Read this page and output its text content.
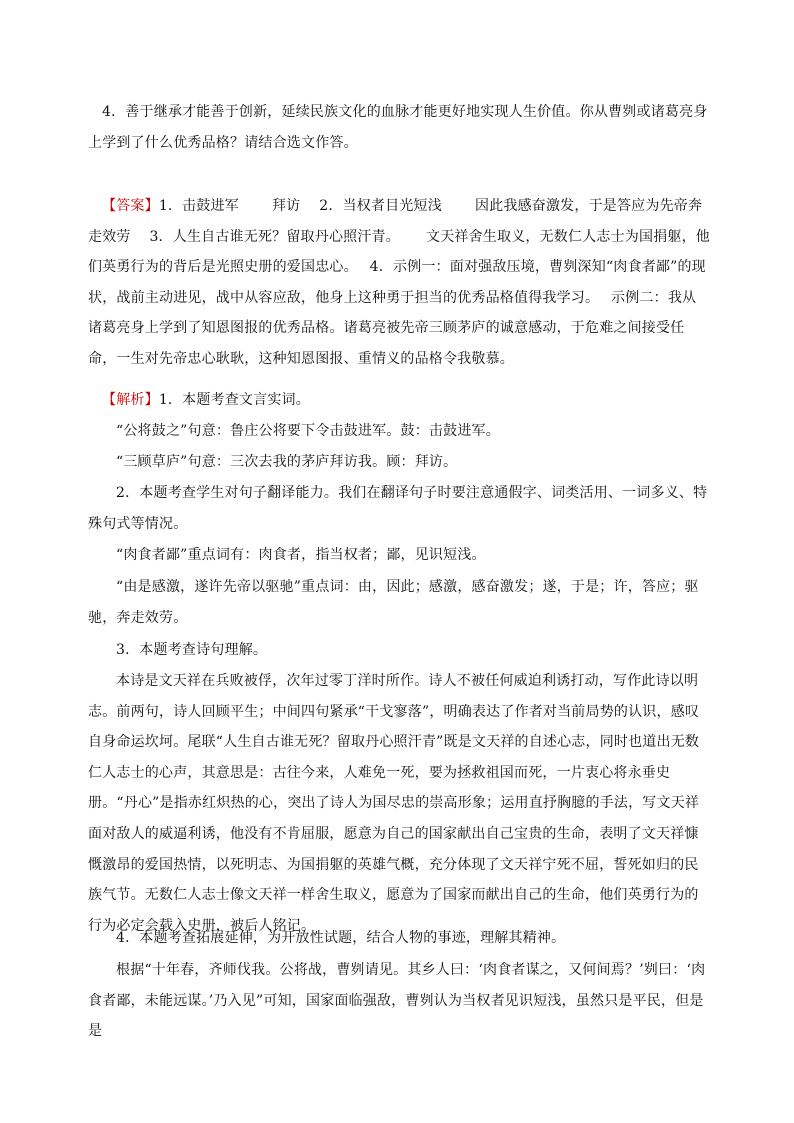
4．善于继承才能善于创新，延续民族文化的血脉才能更好地实现人生价值。你从曹刿或诸葛亮身上学到了什么优秀品格？请结合选文作答。
【答案】1．击鼓进军　　 拜访　 2．当权者目光短浅　　 因此我感奋激发，于是答应为先帝奔走效劳　 3．人生自古谁无死？留取丹心照汗青。　　 文天祥舍生取义，无数仁人志士为国捐躯，他们英勇行为的背后是光照史册的爱国忠心。　 4．示例一：面对强敌压境，曹刿深知“肉食者鄙”的现状，战前主动进见，战中从容应敌，他身上这种勇于担当的优秀品格值得我学习。　 示例二：我从诸葛亮身上学到了知恩图报的优秀品格。诸葛亮被先帝三顾茅庐的诚意感动，于危难之间接受任命，一生对先帝忠心耿耿，这种知恩图报、重情义的品格令我敬慕。
【解析】1．本题考查文言实词。
“公将鼓之”句意：鲁庄公将要下令击鼓进军。鼓：击鼓进军。
“三顾草庐”句意：三次去我的茅庐拜访我。顾：拜访。
2．本题考查学生对句子翻译能力。我们在翻译句子时要注意通假字、词类活用、一词多义、特殊句式等情况。
“肉食者鄙”重点词有：肉食者，指当权者；鄙，见识短浅。
“由是感激，遂许先帝以驱驰”重点词：由，因此；感激，感奋激发；遂，于是；许，答应；驱驰，奔走效劳。
3．本题考查诗句理解。
本诗是文天祥在兵败被俘，次年过零丁洋时所作。诗人不被任何威迫利诱打动，写作此诗以明志。前两句，诗人回顾平生；中间四句紧承“干戈寥落”，明确表达了作者对当前局势的认识，感叹自身命运坎坷。尾联“人生自古谁无死？留取丹心照汗青”既是文天祥的自述心志，同时也道出无数仁人志士的心声，其意思是：古往今来，人难免一死，要为拯救祖国而死，一片衷心将永垂史册。“丹心”是指赤红炽热的心，突出了诗人为国尽忠的崇高形象；运用直抒胸臆的手法，写文天祥面对敌人的威逼利诱，他没有不肯屈服，愿意为自己的国家献出自己宝贵的生命，表明了文天祥慷慨激昂的爱国热情，以死明志、为国捐躯的英雄气概，充分体现了文天祥宁死不屈，誓死如归的民族气节。无数仁人志士像文天祥一样舍生取义，愿意为了国家而献出自己的生命，他们英勇行为的行为必定会载入史册，被后人铭记。
4．本题考查拓展延伸，为开放性试题，结合人物的事迹，理解其精神。
根据“十年春，齐师伐我。公将战，曹刿请见。其乡人曰：‘肉食者谋之，又何间焉？’刿曰：‘肉食者鄙，未能远谋。’乃入见”可知，国家面临强敌，曹刿认为当权者见识短浅，虽然只是平民，但是是
